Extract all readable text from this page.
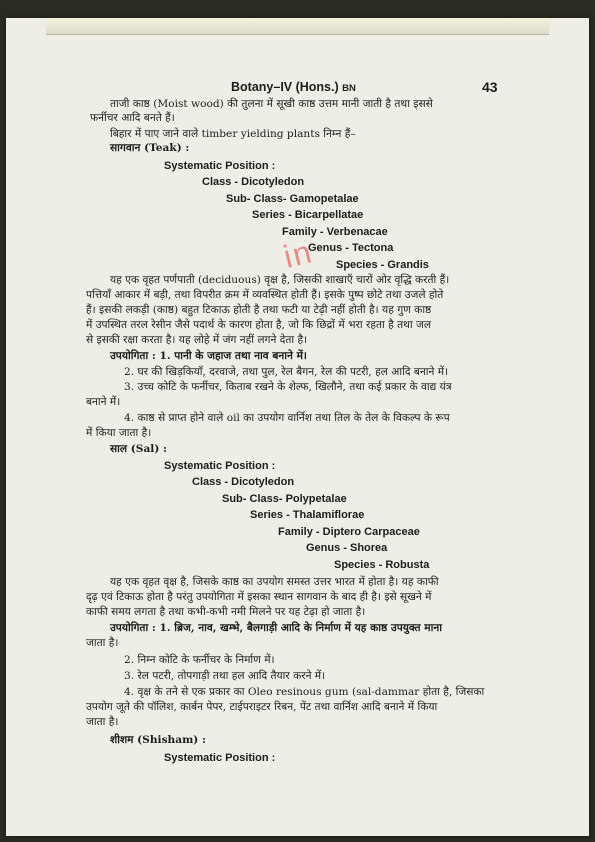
Botany–IV (Hons.) BN	43
in
ताजी काष्ठ (Moist wood) की तुलना में सूखी काष्ठ उत्तम मानी जाती है तथा इससे
फर्नीचर आदि बनते हैं।
बिहार में पाए जाने वाले timber yielding plants निम्न हैं–
सागवान (Teak) :
Systematic Position :
Class - Dicotyledon
Sub- Class- Gamopetalae
Series - Bicarpellatae
Family - Verbenacae
Genus - Tectona
Species - Grandis
यह एक वृहत पर्णपाती (deciduous) वृक्ष है, जिसकी शाखाएँ चारों ओर वृद्धि करती हैं।
पत्तियाँ आकार में बड़ी, तथा विपरीत क्रम में व्यवस्थित होती हैं। इसके पुष्प छोटे तथा उजले होते
हैं। इसकी लकड़ी (काष्ठ) बहुत टिकाऊ होती है तथा फटी या टेढ़ी नहीं होती है। यह गुण काष्ठ
में उपस्थित तरल रेसीन जैसे पदार्थ के कारण होता है, जो कि छिद्रों में भरा रहता है तथा जल
से इसकी रक्षा करता है। यह लोहे में जंग नहीं लगने देता है।
उपयोगिता : 1. पानी के जहाज तथा नाव बनाने में।
2. घर की खिड़कियाँ, दरवाजे, तथा पुल, रेल बैगन, रेल की पटरी, हल आदि बनाने में।
3. उच्च कोटि के फर्नीचर, किताब रखने के शेल्फ, खिलौने, तथा कई प्रकार के वाद्य यंत्र
बनाने में।
4. काष्ठ से प्राप्त होने वाले oil का उपयोग वार्निश तथा तिल के तेल के विकल्प के रूप
में किया जाता है।
साल (Sal) :
Systematic Position :
Class - Dicotyledon
Sub- Class- Polypetalae
Series - Thalamiflorae
Family - Diptero Carpaceae
Genus - Shorea
Species - Robusta
यह एक वृहत वृक्ष है, जिसके काष्ठ का उपयोग समस्त उत्तर भारत में होता है। यह काफी
दृढ़ एवं टिकाऊ होता है परंतु उपयोगिता में इसका स्थान सागवान के बाद ही है। इसे सूखने में
काफी समय लगता है तथा कभी-कभी नमी मिलने पर यह टेढ़ा हो जाता है।
उपयोगिता : 1. ब्रिज, नाव, खम्भे, बैलगाड़ी आदि के निर्माण में यह काष्ठ उपयुक्त माना
जाता है।
2. निम्न कोटि के फर्नीचर के निर्माण में।
3. रेल पटरी, तोपगाड़ी तथा हल आदि तैयार करने में।
4. वृक्ष के तने से एक प्रकार का Oleo resinous gum (sal-dammar होता है, जिसका
उपयोग जूते की पॉलिश, कार्बन पेपर, टाईपराइटर रिबन, पेंट तथा वार्निश आदि बनाने में किया
जाता है।
शीशम (Shisham) :
Systematic Position :
